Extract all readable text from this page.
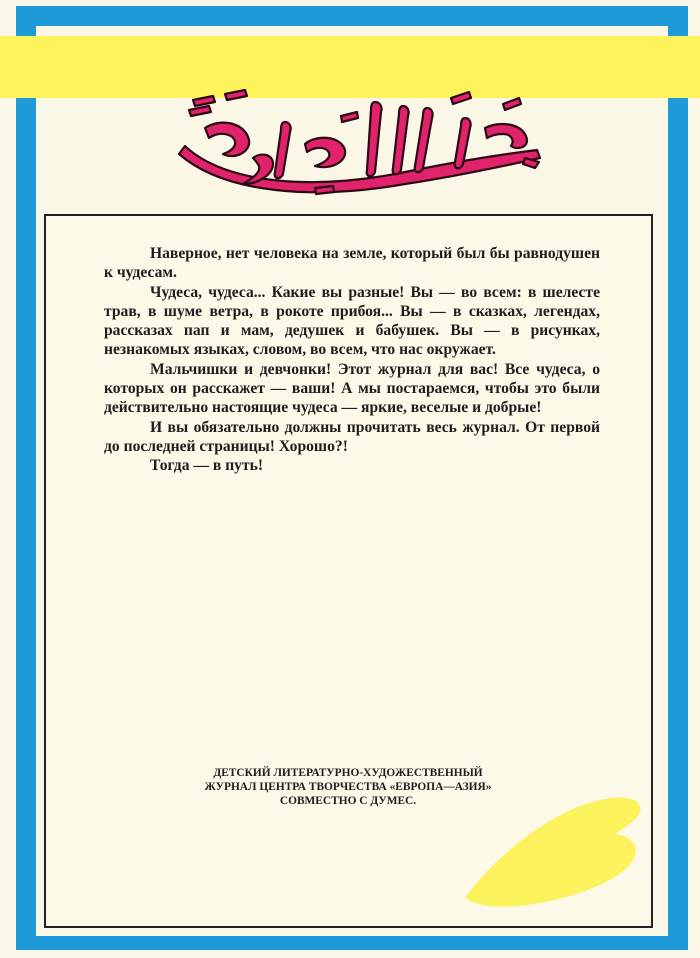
Наверное, нет человека на земле, который был бы равнодушен к чудесам.

Чудеса, чудеса... Какие вы разные! Вы — во всем: в шелесте трав, в шуме ветра, в рокоте прибоя... Вы — в сказках, легендах, рассказах пап и мам, дедушек и бабушек. Вы — в рисунках, незнакомых языках, словом, во всем, что нас окружает.

Мальчишки и девчонки! Этот журнал для вас! Все чудеса, о которых он расскажет — ваши! А мы постараемся, чтобы это были действительно настоящие чудеса — яркие, веселые и добрые!

И вы обязательно должны прочитать весь журнал. От первой до последней страницы! Хорошо?!

Тогда — в путь!

ДЕТСКИЙ ЛИТЕРАТУРНО-ХУДОЖЕСТВЕННЫЙ
ЖУРНАЛ ЦЕНТРА ТВОРЧЕСТВА «ЕВРОПА—АЗИЯ»
СОВМЕСТНО С ДУМЕС.
